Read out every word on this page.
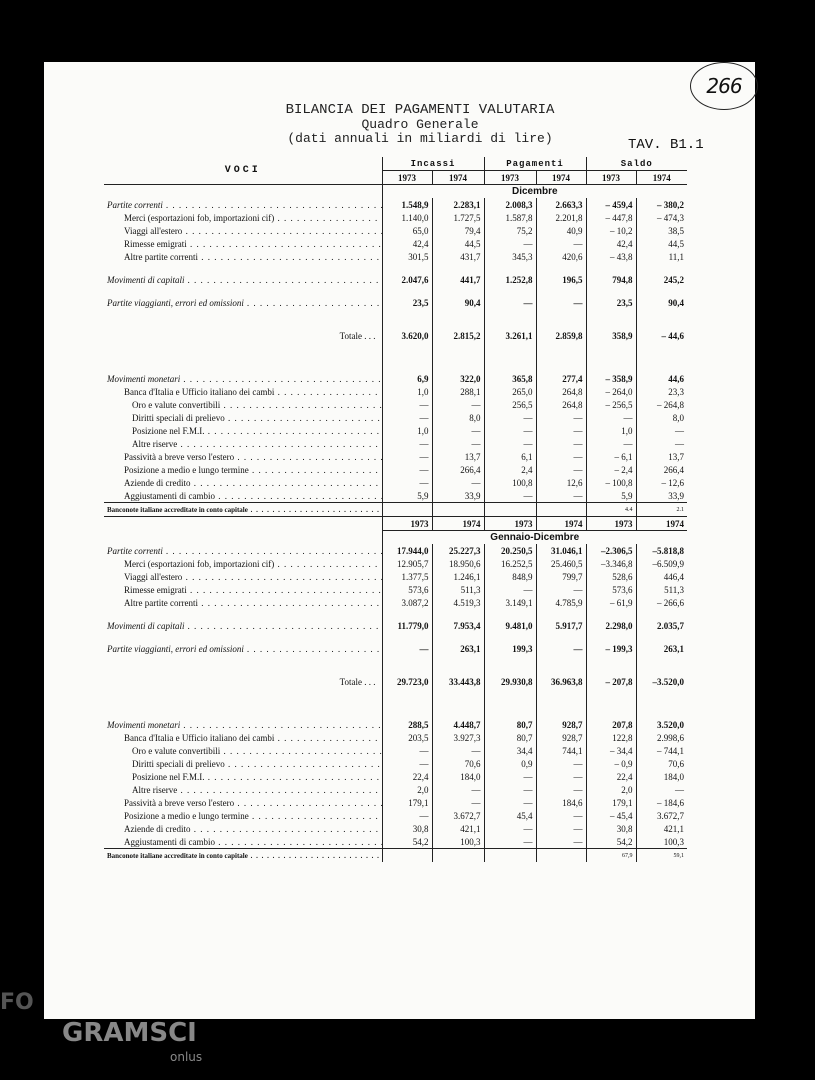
266
BILANCIA DEI PAGAMENTI VALUTARIA
Quadro Generale
(dati annuali in miliardi di lire)	TAV. B1.1
VOCI	Incassi		Pagamenti		Saldo	
	1973	1974	1973	1974	1973	1974
	Dicembre					
Partite correnti . . .	1.548,9	2.283,1	2.008,3	2.663,3	– 459,4	– 380,2
Merci (esportazioni fob, importazioni cif) . . .	1.140,0	1.727,5	1.587,8	2.201,8	– 447,8	– 474,3
Viaggi all'estero . . .	65,0	79,4	75,2	40,9	– 10,2	38,5
Rimesse emigrati . . .	42,4	44,5	—	—	42,4	44,5
Altre partite correnti . . .	301,5	431,7	345,3	420,6	– 43,8	11,1

Movimenti di capitali . . .	2.047,6	441,7	1.252,8	196,5	794,8	245,2

Partite viaggianti, errori ed omissioni . . .	23,5	90,4	—	—	23,5	90,4

Totale . . .	3.620,0	2.815,2	3.261,1	2.859,8	358,9	– 44,6

Movimenti monetari . . .	6,9	322,0	365,8	277,4	– 358,9	44,6
Banca d'Italia e Ufficio italiano dei cambi . . .	1,0	288,1	265,0	264,8	– 264,0	23,3
Oro e valute convertibili . . .	—	—	256,5	264,8	– 256,5	– 264,8
Diritti speciali di prelievo . . .	—	8,0	—	—	—	8,0
Posizione nel F.M.I. . . .	1,0	—	—	—	1,0	—
Altre riserve . . .	—	—	—	—	—	—
Passività a breve verso l'estero . . .	—	13,7	6,1	—	– 6,1	13,7
Posizione a medio e lungo termine . . .	—	266,4	2,4	—	– 2,4	266,4
Aziende di credito . . .	—	—	100,8	12,6	– 100,8	– 12,6
Aggiustamenti di cambio . . .	5,9	33,9	—	—	5,9	33,9
Banconote italiane accreditate in conto capitale . . .					4.4	2.1
	1973	1974	1973	1974	1973	1974
	Gennaio-Dicembre					
Partite correnti . . .	17.944,0	25.227,3	20.250,5	31.046,1	–2.306,5	–5.818,8
Merci (esportazioni fob, importazioni cif) . . .	12.905,7	18.950,6	16.252,5	25.460,5	–3.346,8	–6.509,9
Viaggi all'estero . . .	1.377,5	1.246,1	848,9	799,7	528,6	446,4
Rimesse emigrati . . .	573,6	511,3	—	—	573,6	511,3
Altre partite correnti . . .	3.087,2	4.519,3	3.149,1	4.785,9	– 61,9	– 266,6

Movimenti di capitali . . .	11.779,0	7.953,4	9.481,0	5.917,7	2.298,0	2.035,7

Partite viaggianti, errori ed omissioni . . .	—	263,1	199,3	—	– 199,3	263,1

Totale . . .	29.723,0	33.443,8	29.930,8	36.963,8	– 207,8	–3.520,0

Movimenti monetari . . .	288,5	4.448,7	80,7	928,7	207,8	3.520,0
Banca d'Italia e Ufficio italiano dei cambi . . .	203,5	3.927,3	80,7	928,7	122,8	2.998,6
Oro e valute convertibili . . .	—	—	34,4	744,1	– 34,4	– 744,1
Diritti speciali di prelievo . . .	—	70,6	0,9	—	– 0,9	70,6
Posizione nel F.M.I. . . .	22,4	184,0	—	—	22,4	184,0
Altre riserve . . .	2,0	—	—	—	2,0	—
Passività a breve verso l'estero . . .	179,1	—	—	184,6	179,1	– 184,6
Posizione a medio e lungo termine . . .	—	3.672,7	45,4	—	– 45,4	3.672,7
Aziende di credito . . .	30,8	421,1	—	—	30,8	421,1
Aggiustamenti di cambio . . .	54,2	100,3	—	—	54,2	100,3
Banconote italiane accreditate in conto capitale . . .					67,9	59,1
FO
GRAMSCI
onlus
